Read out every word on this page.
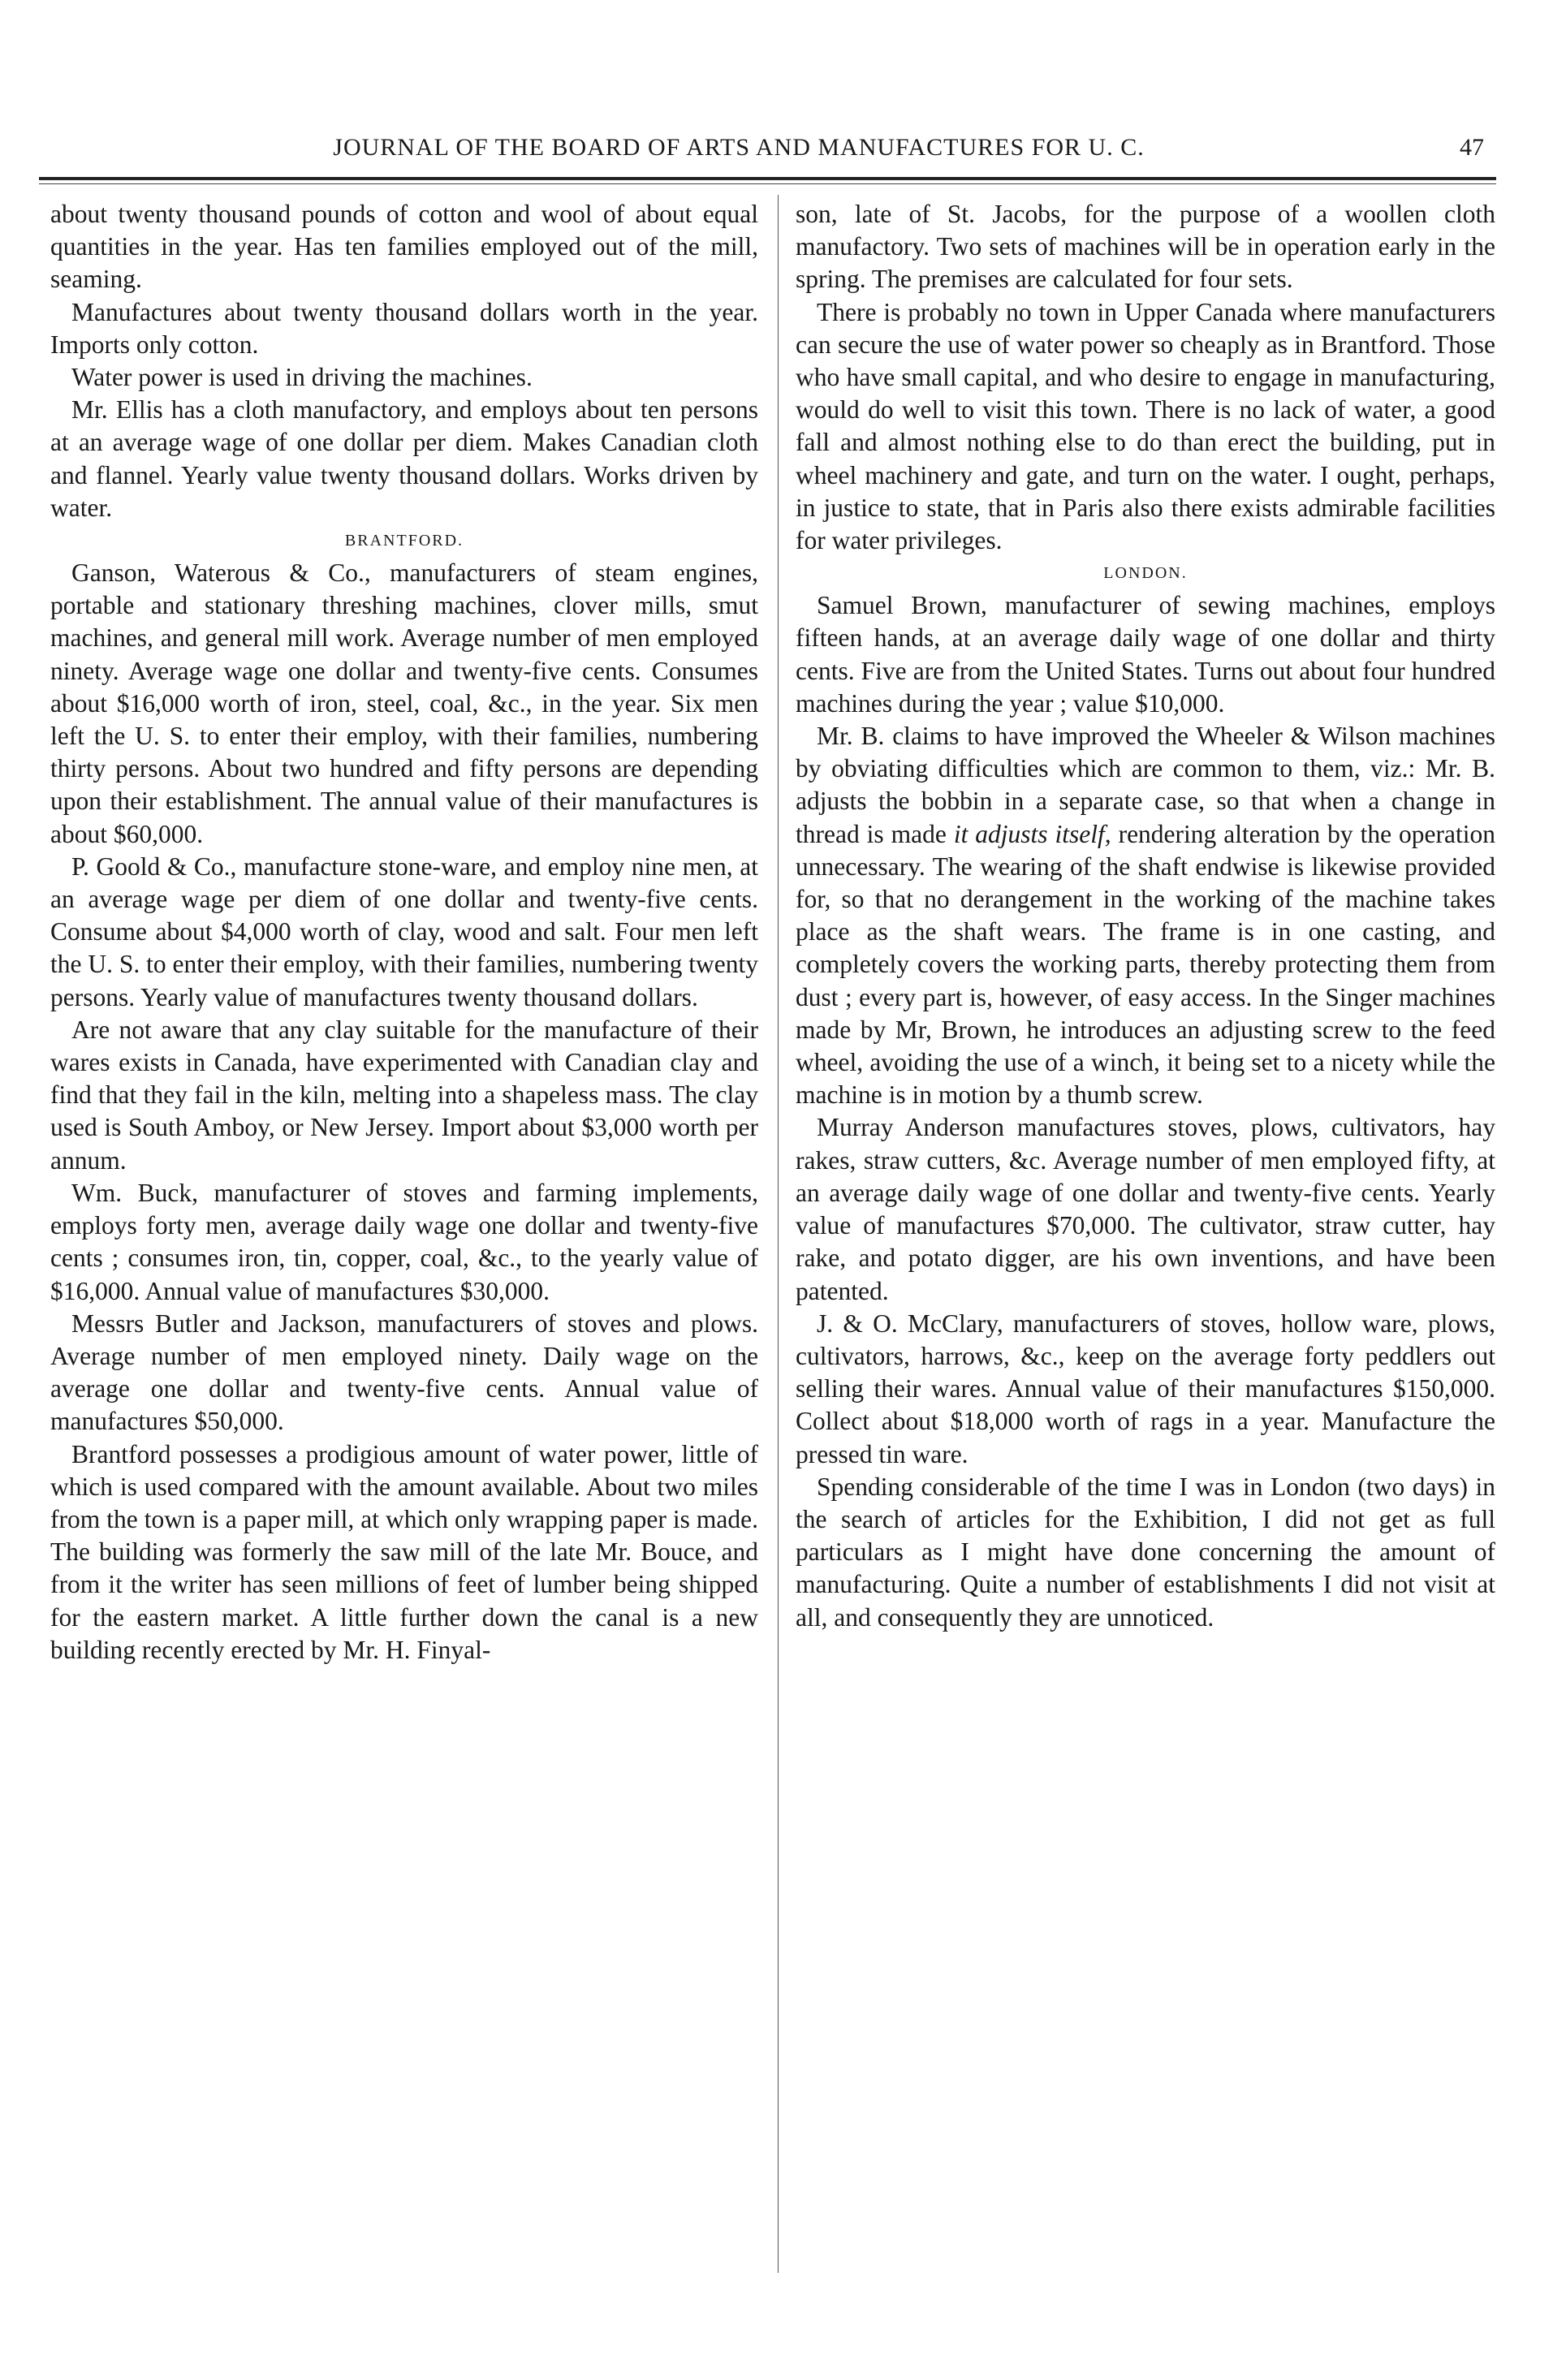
JOURNAL OF THE BOARD OF ARTS AND MANUFACTURES FOR U. C.	47

about twenty thousand pounds of cotton and wool of about equal quantities in the year. Has ten families employed out of the mill, seaming.

Manufactures about twenty thousand dollars worth in the year. Imports only cotton.

Water power is used in driving the machines.

Mr. Ellis has a cloth manufactory, and employs about ten persons at an average wage of one dollar per diem. Makes Canadian cloth and flannel. Yearly value twenty thousand dollars. Works driven by water.

BRANTFORD.

Ganson, Waterous & Co., manufacturers of steam engines, portable and stationary threshing machines, clover mills, smut machines, and general mill work. Average number of men employed ninety. Average wage one dollar and twenty-five cents. Consumes about $16,000 worth of iron, steel, coal, &c., in the year. Six men left the U. S. to enter their employ, with their families, numbering thirty persons. About two hundred and fifty persons are depending upon their establishment. The annual value of their manufactures is about $60,000.

P. Goold & Co., manufacture stone-ware, and employ nine men, at an average wage per diem of one dollar and twenty-five cents. Consume about $4,000 worth of clay, wood and salt. Four men left the U. S. to enter their employ, with their families, numbering twenty persons. Yearly value of manufactures twenty thousand dollars.

Are not aware that any clay suitable for the manufacture of their wares exists in Canada, have experimented with Canadian clay and find that they fail in the kiln, melting into a shapeless mass. The clay used is South Amboy, or New Jersey. Import about $3,000 worth per annum.

Wm. Buck, manufacturer of stoves and farming implements, employs forty men, average daily wage one dollar and twenty-five cents ; consumes iron, tin, copper, coal, &c., to the yearly value of $16,000. Annual value of manufactures $30,000.

Messrs Butler and Jackson, manufacturers of stoves and plows. Average number of men employed ninety. Daily wage on the average one dollar and twenty-five cents. Annual value of manufactures $50,000.

Brantford possesses a prodigious amount of water power, little of which is used compared with the amount available. About two miles from the town is a paper mill, at which only wrapping paper is made. The building was formerly the saw mill of the late Mr. Bouce, and from it the writer has seen millions of feet of lumber being shipped for the eastern market. A little further down the canal is a new building recently erected by Mr. H. Finyal-

son, late of St. Jacobs, for the purpose of a woollen cloth manufactory. Two sets of machines will be in operation early in the spring. The premises are calculated for four sets.

There is probably no town in Upper Canada where manufacturers can secure the use of water power so cheaply as in Brantford. Those who have small capital, and who desire to engage in manufacturing, would do well to visit this town. There is no lack of water, a good fall and almost nothing else to do than erect the building, put in wheel machinery and gate, and turn on the water. I ought, perhaps, in justice to state, that in Paris also there exists admirable facilities for water privileges.

LONDON.

Samuel Brown, manufacturer of sewing machines, employs fifteen hands, at an average daily wage of one dollar and thirty cents. Five are from the United States. Turns out about four hundred machines during the year ; value $10,000.

Mr. B. claims to have improved the Wheeler & Wilson machines by obviating difficulties which are common to them, viz.: Mr. B. adjusts the bobbin in a separate case, so that when a change in thread is made it adjusts itself, rendering alteration by the operation unnecessary. The wearing of the shaft endwise is likewise provided for, so that no derangement in the working of the machine takes place as the shaft wears. The frame is in one casting, and completely covers the working parts, thereby protecting them from dust ; every part is, however, of easy access. In the Singer machines made by Mr, Brown, he introduces an adjusting screw to the feed wheel, avoiding the use of a winch, it being set to a nicety while the machine is in motion by a thumb screw.

Murray Anderson manufactures stoves, plows, cultivators, hay rakes, straw cutters, &c. Average number of men employed fifty, at an average daily wage of one dollar and twenty-five cents. Yearly value of manufactures $70,000. The cultivator, straw cutter, hay rake, and potato digger, are his own inventions, and have been patented.

J. & O. McClary, manufacturers of stoves, hollow ware, plows, cultivators, harrows, &c., keep on the average forty peddlers out selling their wares. Annual value of their manufactures $150,000. Collect about $18,000 worth of rags in a year. Manufacture the pressed tin ware.

Spending considerable of the time I was in London (two days) in the search of articles for the Exhibition, I did not get as full particulars as I might have done concerning the amount of manufacturing. Quite a number of establishments I did not visit at all, and consequently they are unnoticed.
